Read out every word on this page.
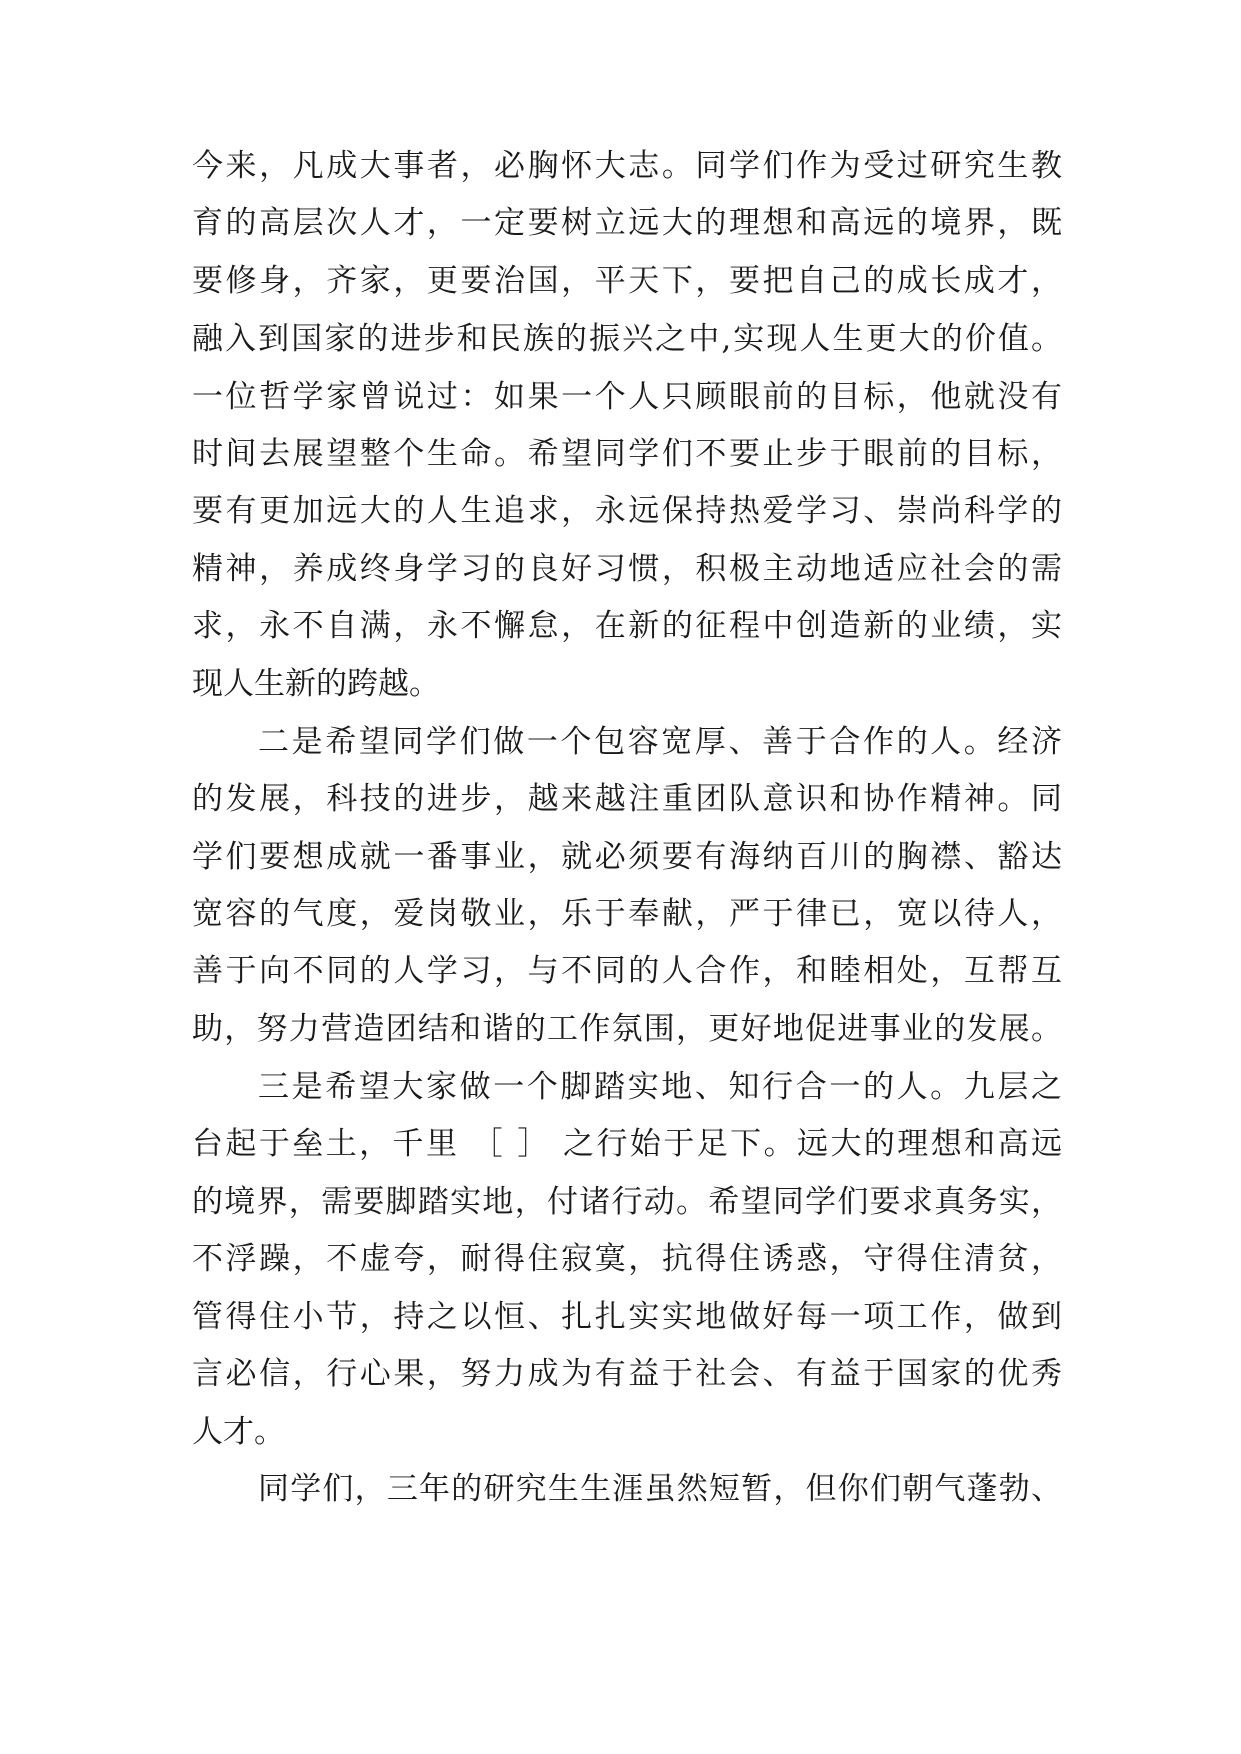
今来，凡成大事者，必胸怀大志。同学们作为受过研究生教
育的高层次人才，一定要树立远大的理想和高远的境界，既
要修身，齐家，更要治国，平天下，要把自己的成长成才，
融入到国家的进步和民族的振兴之中,实现人生更大的价值。
一位哲学家曾说过：如果一个人只顾眼前的目标，他就没有
时间去展望整个生命。希望同学们不要止步于眼前的目标，
要有更加远大的人生追求，永远保持热爱学习、崇尚科学的
精神，养成终身学习的良好习惯，积极主动地适应社会的需
求，永不自满，永不懈怠，在新的征程中创造新的业绩，实
现人生新的跨越。
二是希望同学们做一个包容宽厚、善于合作的人。经济
的发展，科技的进步，越来越注重团队意识和协作精神。同
学们要想成就一番事业，就必须要有海纳百川的胸襟、豁达
宽容的气度，爱岗敬业，乐于奉献，严于律已，宽以待人，
善于向不同的人学习，与不同的人合作，和睦相处，互帮互
助，努力营造团结和谐的工作氛围，更好地促进事业的发展。
三是希望大家做一个脚踏实地、知行合一的人。九层之
台起于垒土，千里 ［ ］ 之行始于足下。远大的理想和高远
的境界，需要脚踏实地，付诸行动。希望同学们要求真务实，
不浮躁，不虚夸，耐得住寂寞，抗得住诱惑，守得住清贫，
管得住小节，持之以恒、扎扎实实地做好每一项工作，做到
言必信，行心果，努力成为有益于社会、有益于国家的优秀
人才。
同学们，三年的研究生生涯虽然短暂，但你们朝气蓬勃、
